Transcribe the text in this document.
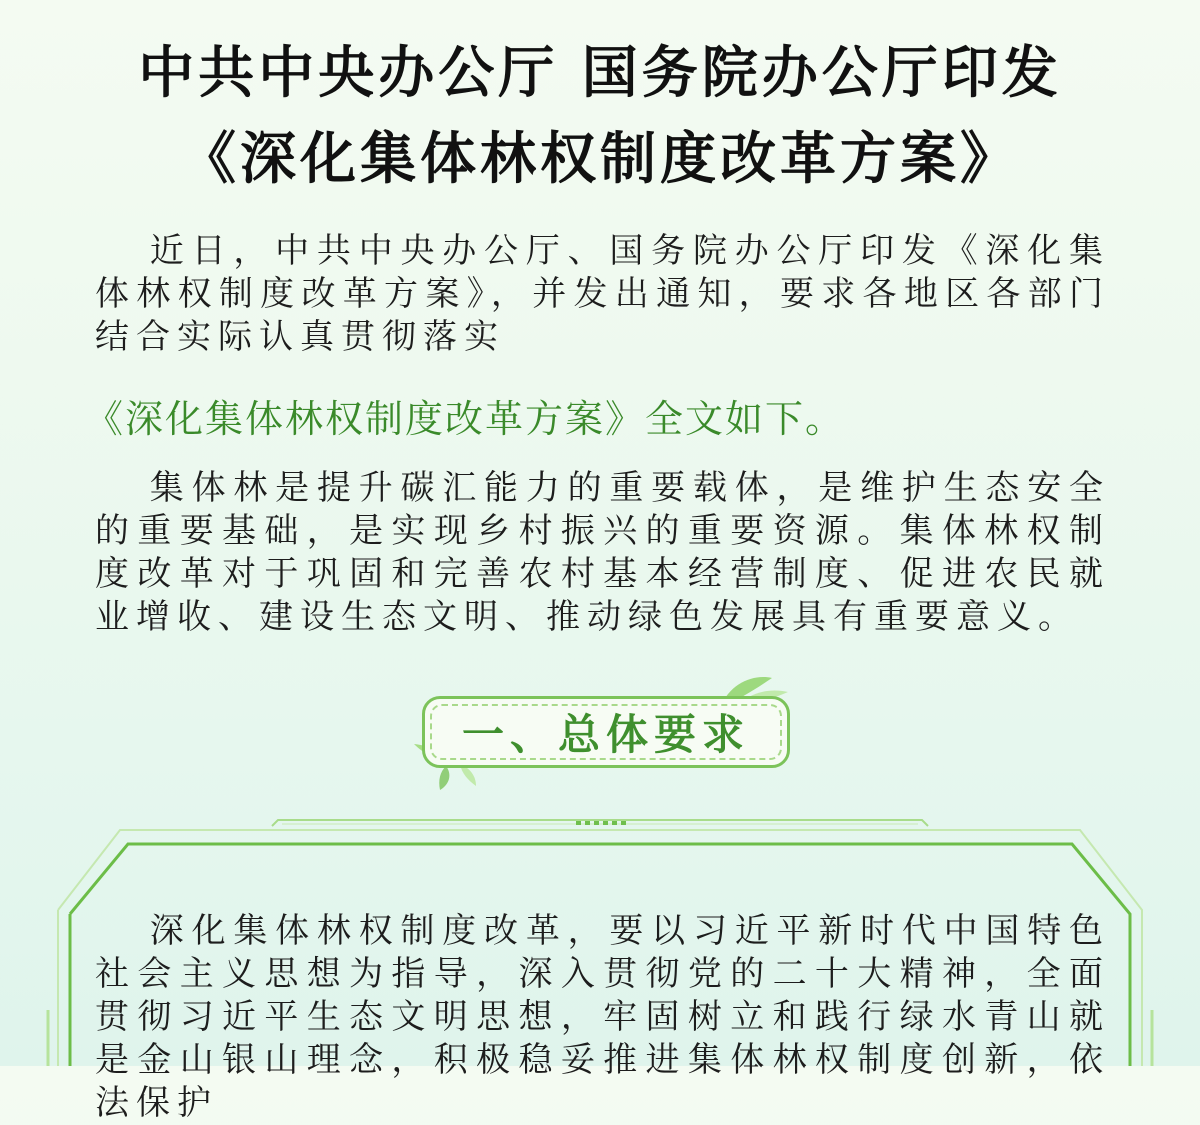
中共中央办公厅 国务院办公厅印发
《深化集体林权制度改革方案》
近日，中共中央办公厅、国务院办公厅印发《深化集体林权制度改革方案》，并发出通知，要求各地区各部门结合实际认真贯彻落实
《深化集体林权制度改革方案》全文如下。
集体林是提升碳汇能力的重要载体，是维护生态安全的重要基础，是实现乡村振兴的重要资源。集体林权制度改革对于巩固和完善农村基本经营制度、促进农民就业增收、建设生态文明、推动绿色发展具有重要意义。
一、总体要求
深化集体林权制度改革，要以习近平新时代中国特色社会主义思想为指导，深入贯彻党的二十大精神，全面贯彻习近平生态文明思想，牢固树立和践行绿水青山就是金山银山理念，积极稳妥推进集体林权制度创新，依法保护
